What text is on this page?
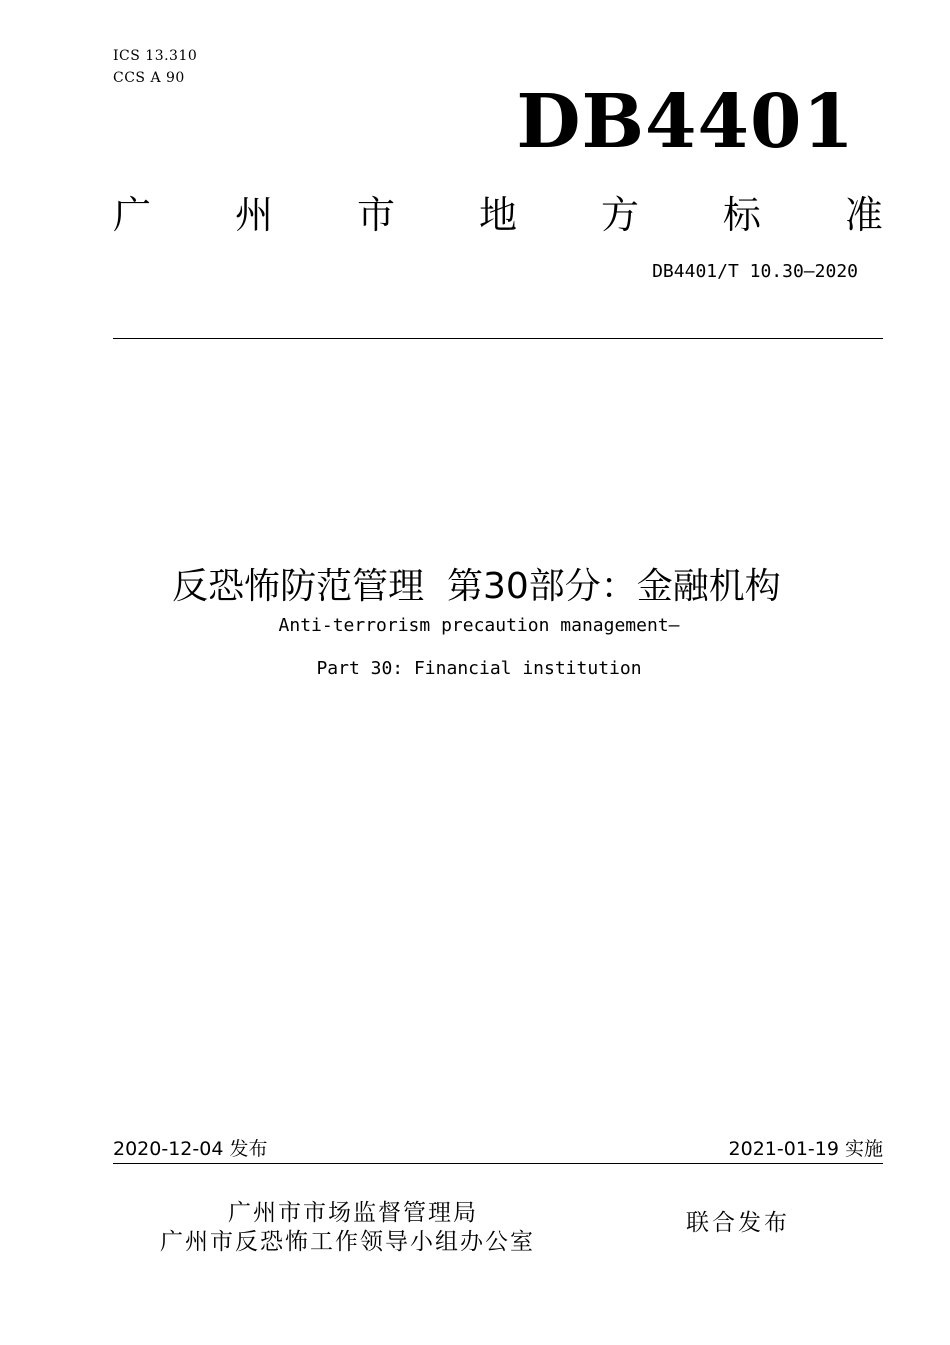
ICS 13.310
CCS A 90
DB4401
广 州 市 地 方 标 准
DB4401/T 10.30—2020

反恐怖防范管理  第30部分：金融机构

Anti-terrorism precaution management—
Part 30: Financial institution
2020-12-04 发布	2021-01-19 实施
广州市市场监督管理局
广州市反恐怖工作领导小组办公室
联合发布
